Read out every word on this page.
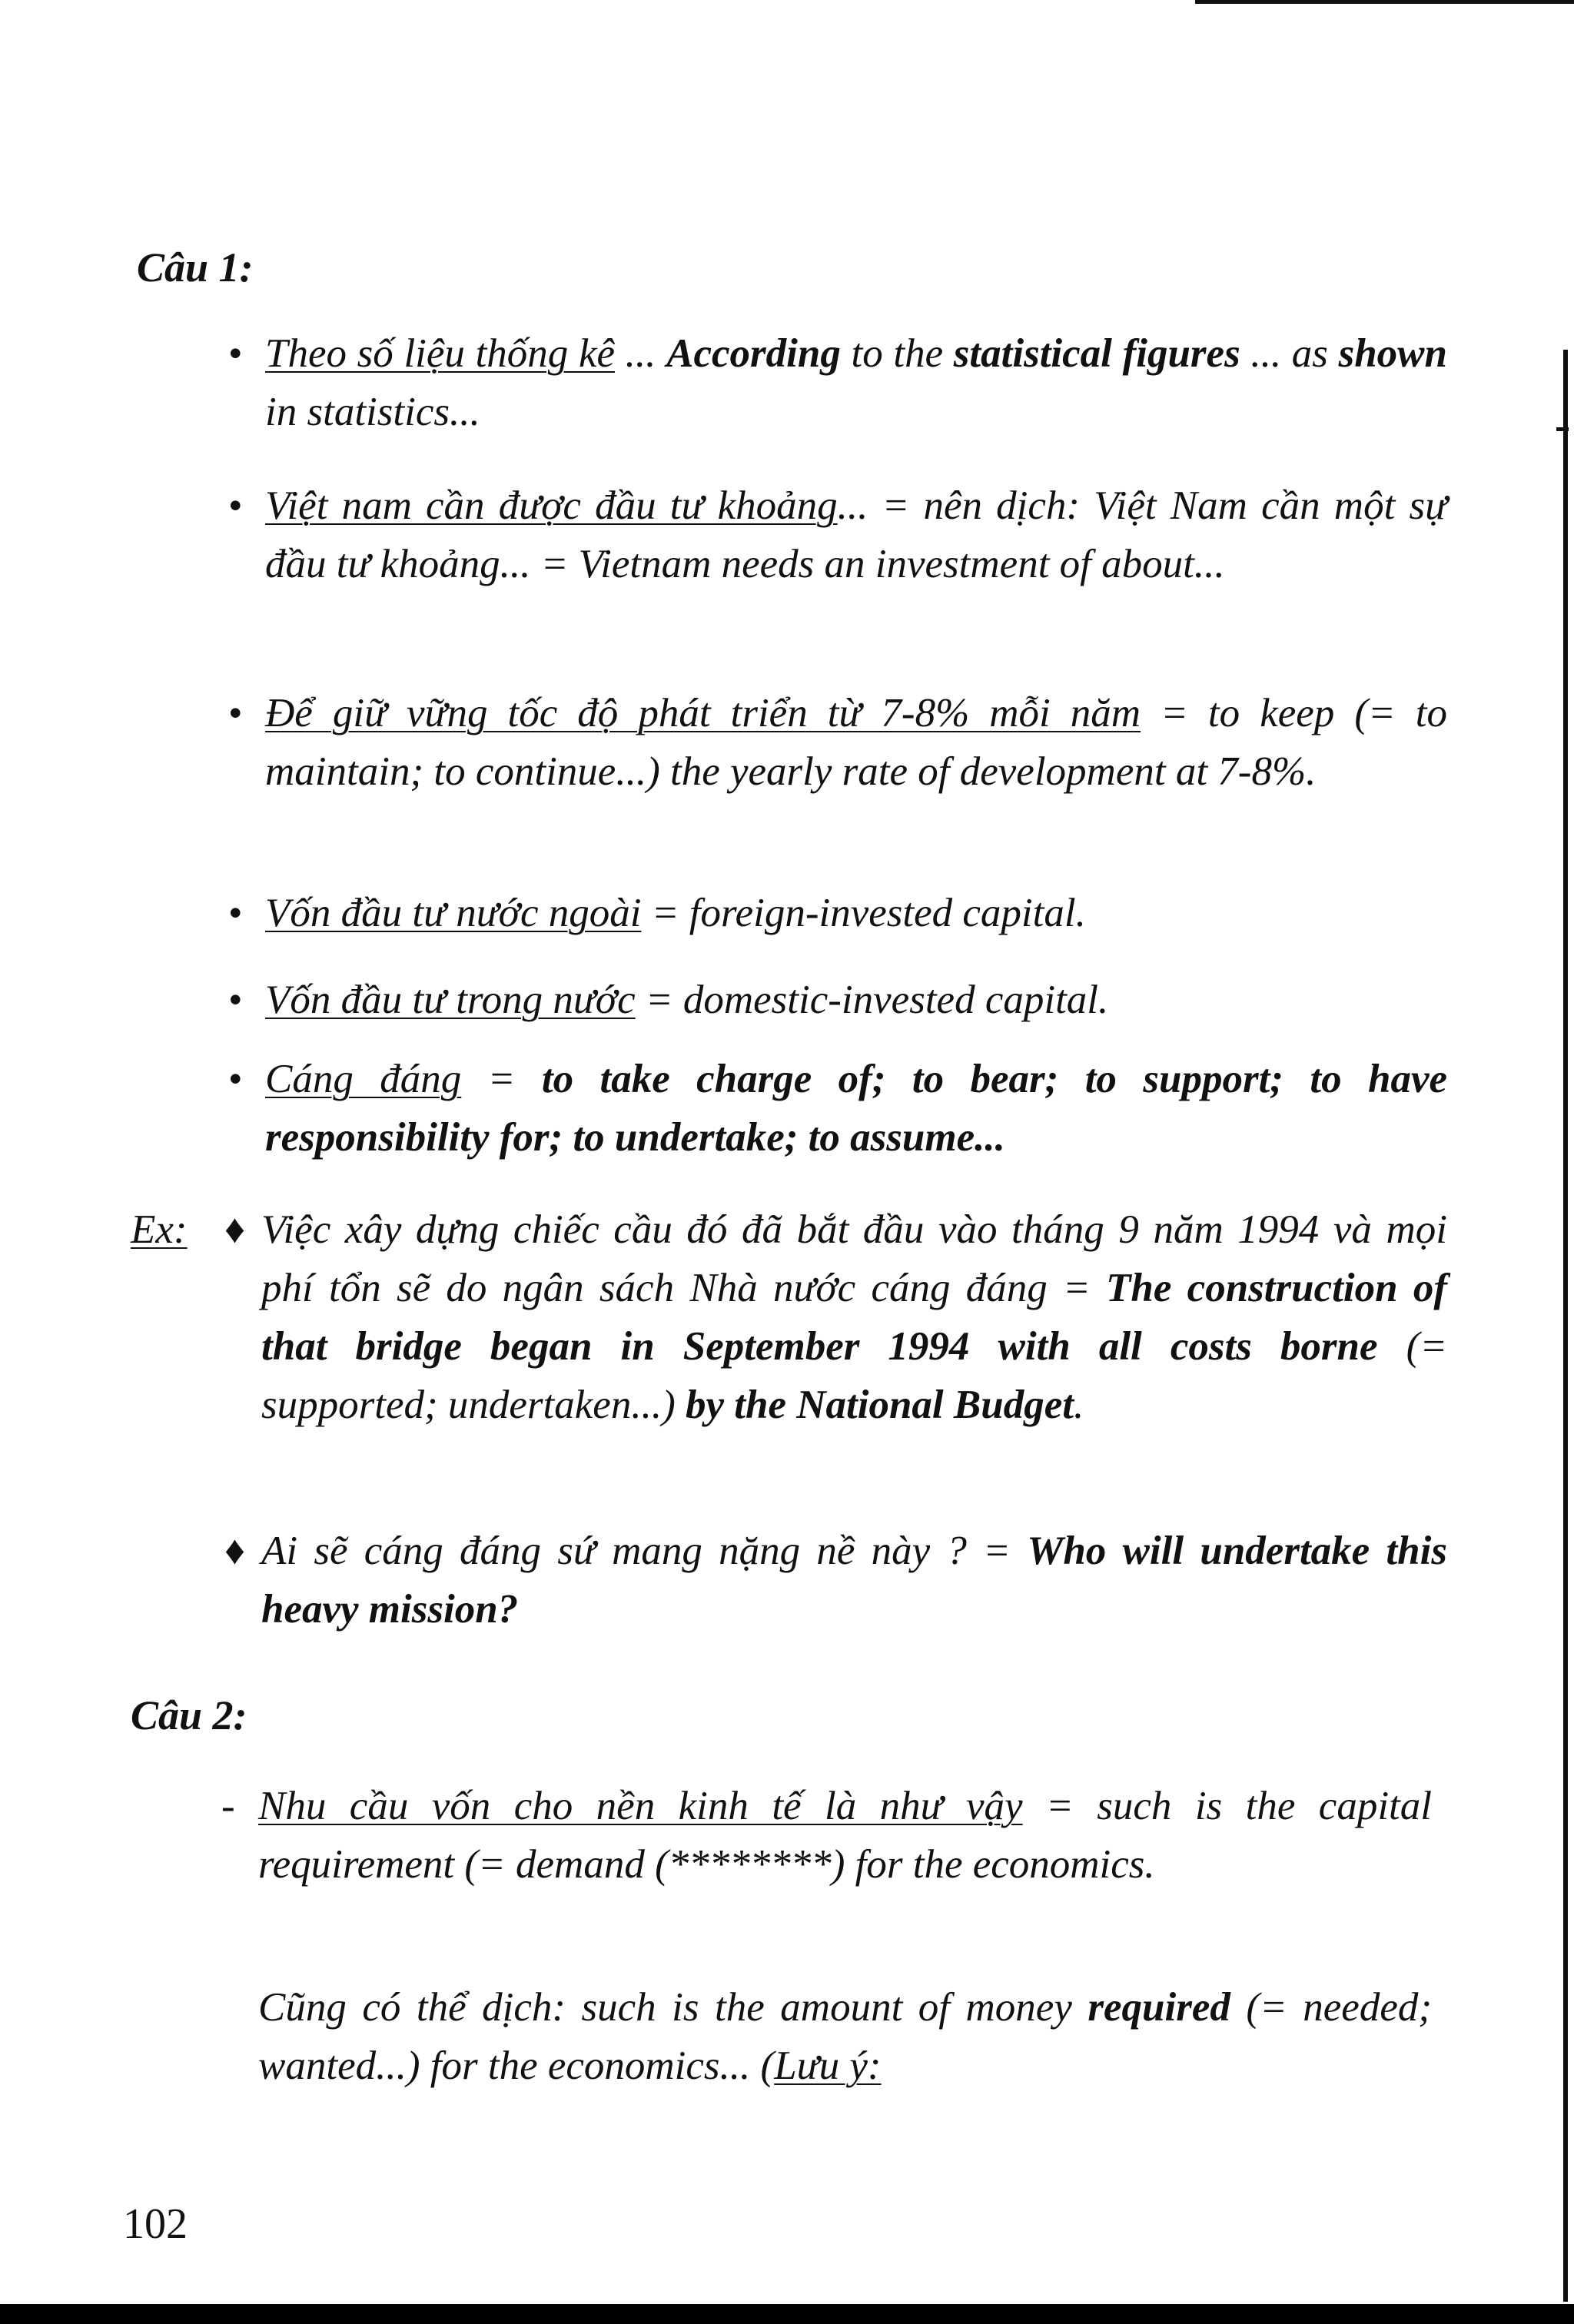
Câu 1:

• Theo số liệu thống kê ... According to the statistical figures ... as shown in statistics...

• Việt nam cần được đầu tư khoảng... = nên dịch: Việt Nam cần một sự đầu tư khoảng... = Vietnam needs an investment of about...

• Để giữ vững tốc độ phát triển từ 7-8% mỗi năm = to keep (= to maintain; to continue...) the yearly rate of development at 7-8%.

• Vốn đầu tư nước ngoài = foreign-invested capital.

• Vốn đầu tư trong nước = domestic-invested capital.

• Cáng đáng = to take charge of; to bear; to support; to have responsibility for; to undertake; to assume...

Ex: ♦ Việc xây dựng chiếc cầu đó đã bắt đầu vào tháng 9 năm 1994 và mọi phí tổn sẽ do ngân sách Nhà nước cáng đáng = The construction of that bridge began in September 1994 with all costs borne (= supported; undertaken...) by the National Budget.

♦ Ai sẽ cáng đáng sứ mang nặng nề này ? = Who will undertake this heavy mission?

Câu 2:

- Nhu cầu vốn cho nền kinh tế là như vậy = such is the capital requirement (= demand (********) for the economics.

Cũng có thể dịch: such is the amount of money required (= needed; wanted...) for the economics... (Lưu ý:

102
